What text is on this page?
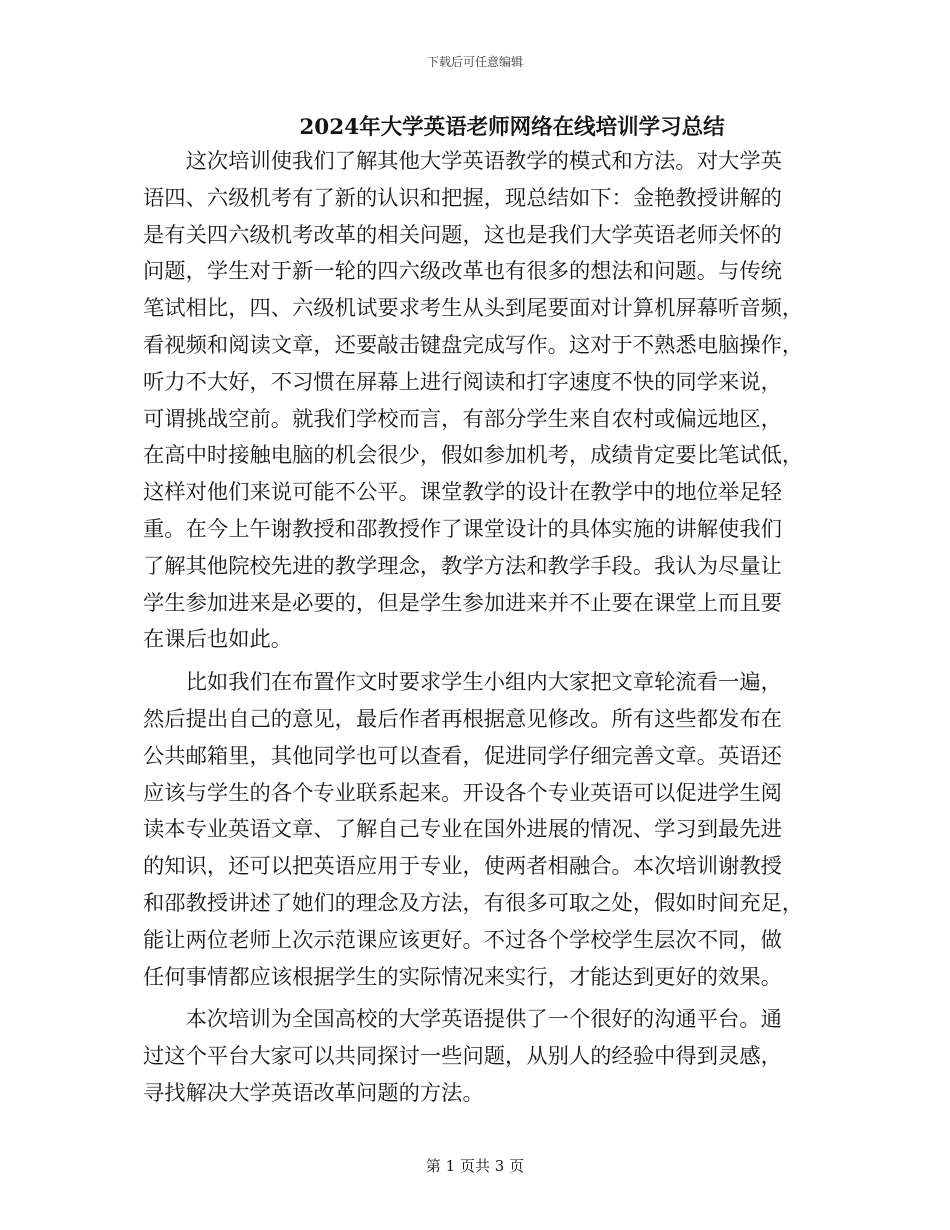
下载后可任意编辑
2024年大学英语老师网络在线培训学习总结
这次培训使我们了解其他大学英语教学的模式和方法。对大学英
语四、六级机考有了新的认识和把握，现总结如下：金艳教授讲解的
是有关四六级机考改革的相关问题，这也是我们大学英语老师关怀的
问题，学生对于新一轮的四六级改革也有很多的想法和问题。与传统
笔试相比，四、六级机试要求考生从头到尾要面对计算机屏幕听音频，
看视频和阅读文章，还要敲击键盘完成写作。这对于不熟悉电脑操作，
听力不大好，不习惯在屏幕上进行阅读和打字速度不快的同学来说，
可谓挑战空前。就我们学校而言，有部分学生来自农村或偏远地区，
在高中时接触电脑的机会很少，假如参加机考，成绩肯定要比笔试低，
这样对他们来说可能不公平。课堂教学的设计在教学中的地位举足轻
重。在今上午谢教授和邵教授作了课堂设计的具体实施的讲解使我们
了解其他院校先进的教学理念，教学方法和教学手段。我认为尽量让
学生参加进来是必要的，但是学生参加进来并不止要在课堂上而且要
在课后也如此。
比如我们在布置作文时要求学生小组内大家把文章轮流看一遍，
然后提出自己的意见，最后作者再根据意见修改。所有这些都发布在
公共邮箱里，其他同学也可以查看，促进同学仔细完善文章。英语还
应该与学生的各个专业联系起来。开设各个专业英语可以促进学生阅
读本专业英语文章、了解自己专业在国外进展的情况、学习到最先进
的知识，还可以把英语应用于专业，使两者相融合。本次培训谢教授
和邵教授讲述了她们的理念及方法，有很多可取之处，假如时间充足，
能让两位老师上次示范课应该更好。不过各个学校学生层次不同，做
任何事情都应该根据学生的实际情况来实行，才能达到更好的效果。
本次培训为全国高校的大学英语提供了一个很好的沟通平台。通
过这个平台大家可以共同探讨一些问题，从别人的经验中得到灵感，
寻找解决大学英语改革问题的方法。
第 1 页共 3 页
